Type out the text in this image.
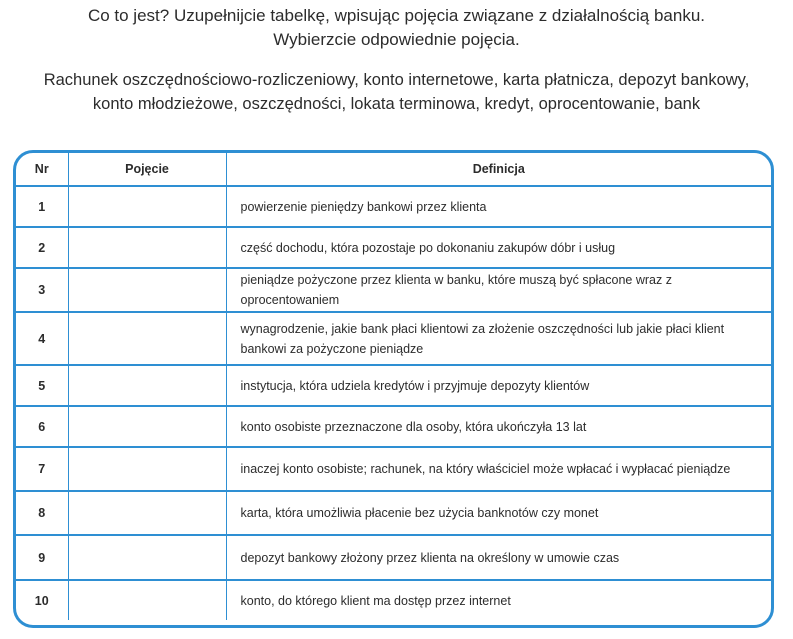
Co to jest? Uzupełnijcie tabelkę, wpisując pojęcia związane z działalnością banku.
Wybierzcie odpowiednie pojęcia.
Rachunek oszczędnościowo-rozliczeniowy, konto internetowe, karta płatnicza, depozyt bankowy,
konto młodzieżowe, oszczędności, lokata terminowa, kredyt, oprocentowanie, bank
Nr	Pojęcie	Definicja
1		powierzenie pieniędzy bankowi przez klienta
2		część dochodu, która pozostaje po dokonaniu zakupów dóbr i usług
3		pieniądze pożyczone przez klienta w banku, które muszą być spłacone wraz z oprocentowaniem
4		wynagrodzenie, jakie bank płaci klientowi za złożenie oszczędności lub jakie płaci klient bankowi za pożyczone pieniądze
5		instytucja, która udziela kredytów i przyjmuje depozyty klientów
6		konto osobiste przeznaczone dla osoby, która ukończyła 13 lat
7		inaczej konto osobiste; rachunek, na który właściciel może wpłacać i wypłacać pieniądze
8		karta, która umożliwia płacenie bez użycia banknotów czy monet
9		depozyt bankowy złożony przez klienta na określony w umowie czas
10		konto, do którego klient ma dostęp przez internet
